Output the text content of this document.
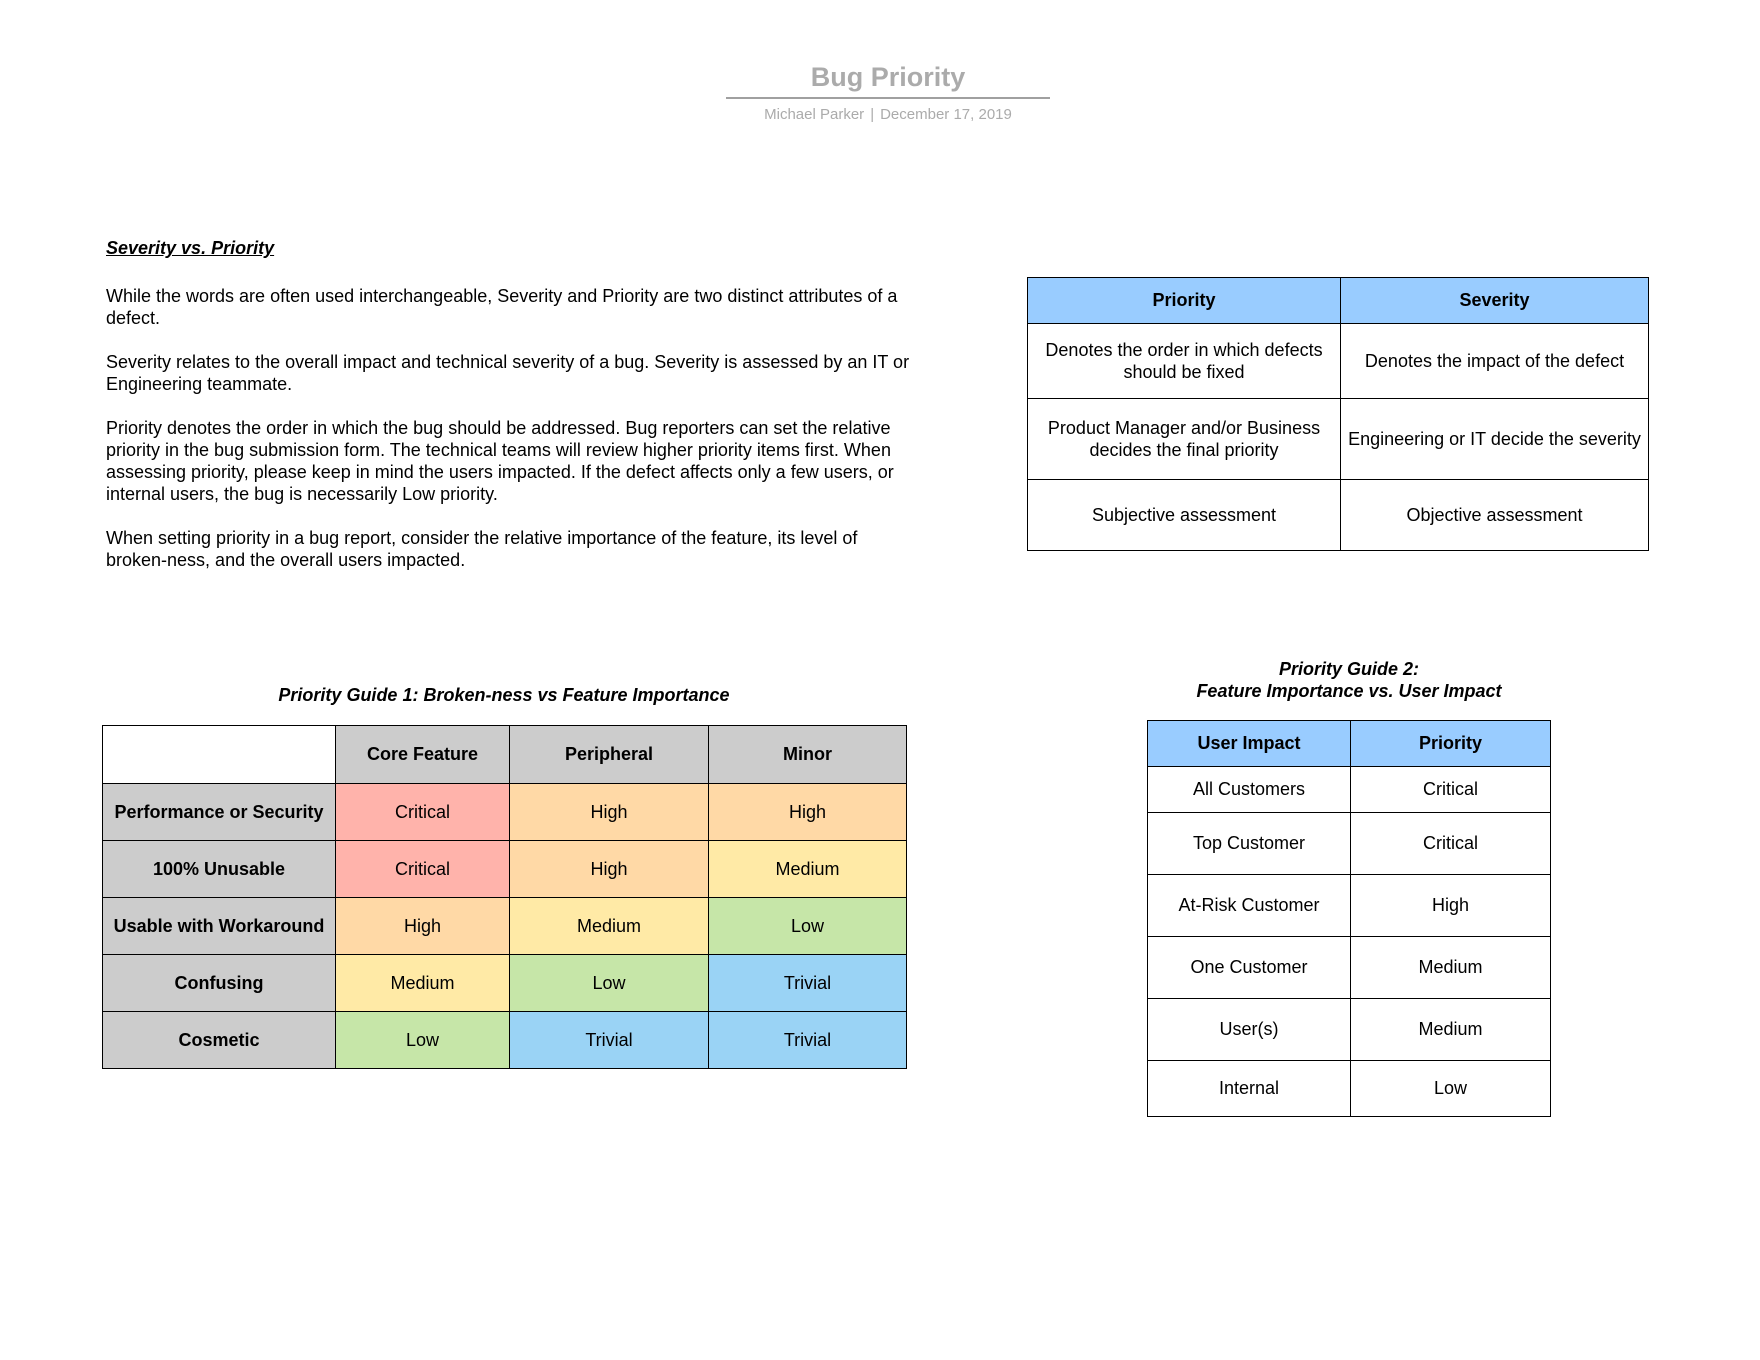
Bug Priority
Michael Parker | December 17, 2019
Severity vs. Priority

While the words are often used interchangeable, Severity and Priority are two distinct attributes of a defect.

Severity relates to the overall impact and technical severity of a bug. Severity is assessed by an IT or Engineering teammate.

Priority denotes the order in which the bug should be addressed. Bug reporters can set the relative priority in the bug submission form. The technical teams will review higher priority items first. When assessing priority, please keep in mind the users impacted. If the defect affects only a few users, or internal users, the bug is necessarily Low priority.

When setting priority in a bug report, consider the relative importance of the feature, its level of broken-ness, and the overall users impacted.

Priority	Severity
Denotes the order in which defects should be fixed	Denotes the impact of the defect
Product Manager and/or Business decides the final priority	Engineering or IT decide the severity
Subjective assessment	Objective assessment
Priority Guide 1: Broken-ness vs Feature Importance
	Core Feature	Peripheral	Minor
Performance or Security	Critical	High	High
100% Unusable	Critical	High	Medium
Usable with Workaround	High	Medium	Low
Confusing	Medium	Low	Trivial
Cosmetic	Low	Trivial	Trivial
Priority Guide 2:
Feature Importance vs. User Impact
User Impact	Priority
All Customers	Critical
Top Customer	Critical
At-Risk Customer	High
One Customer	Medium
User(s)	Medium
Internal	Low
